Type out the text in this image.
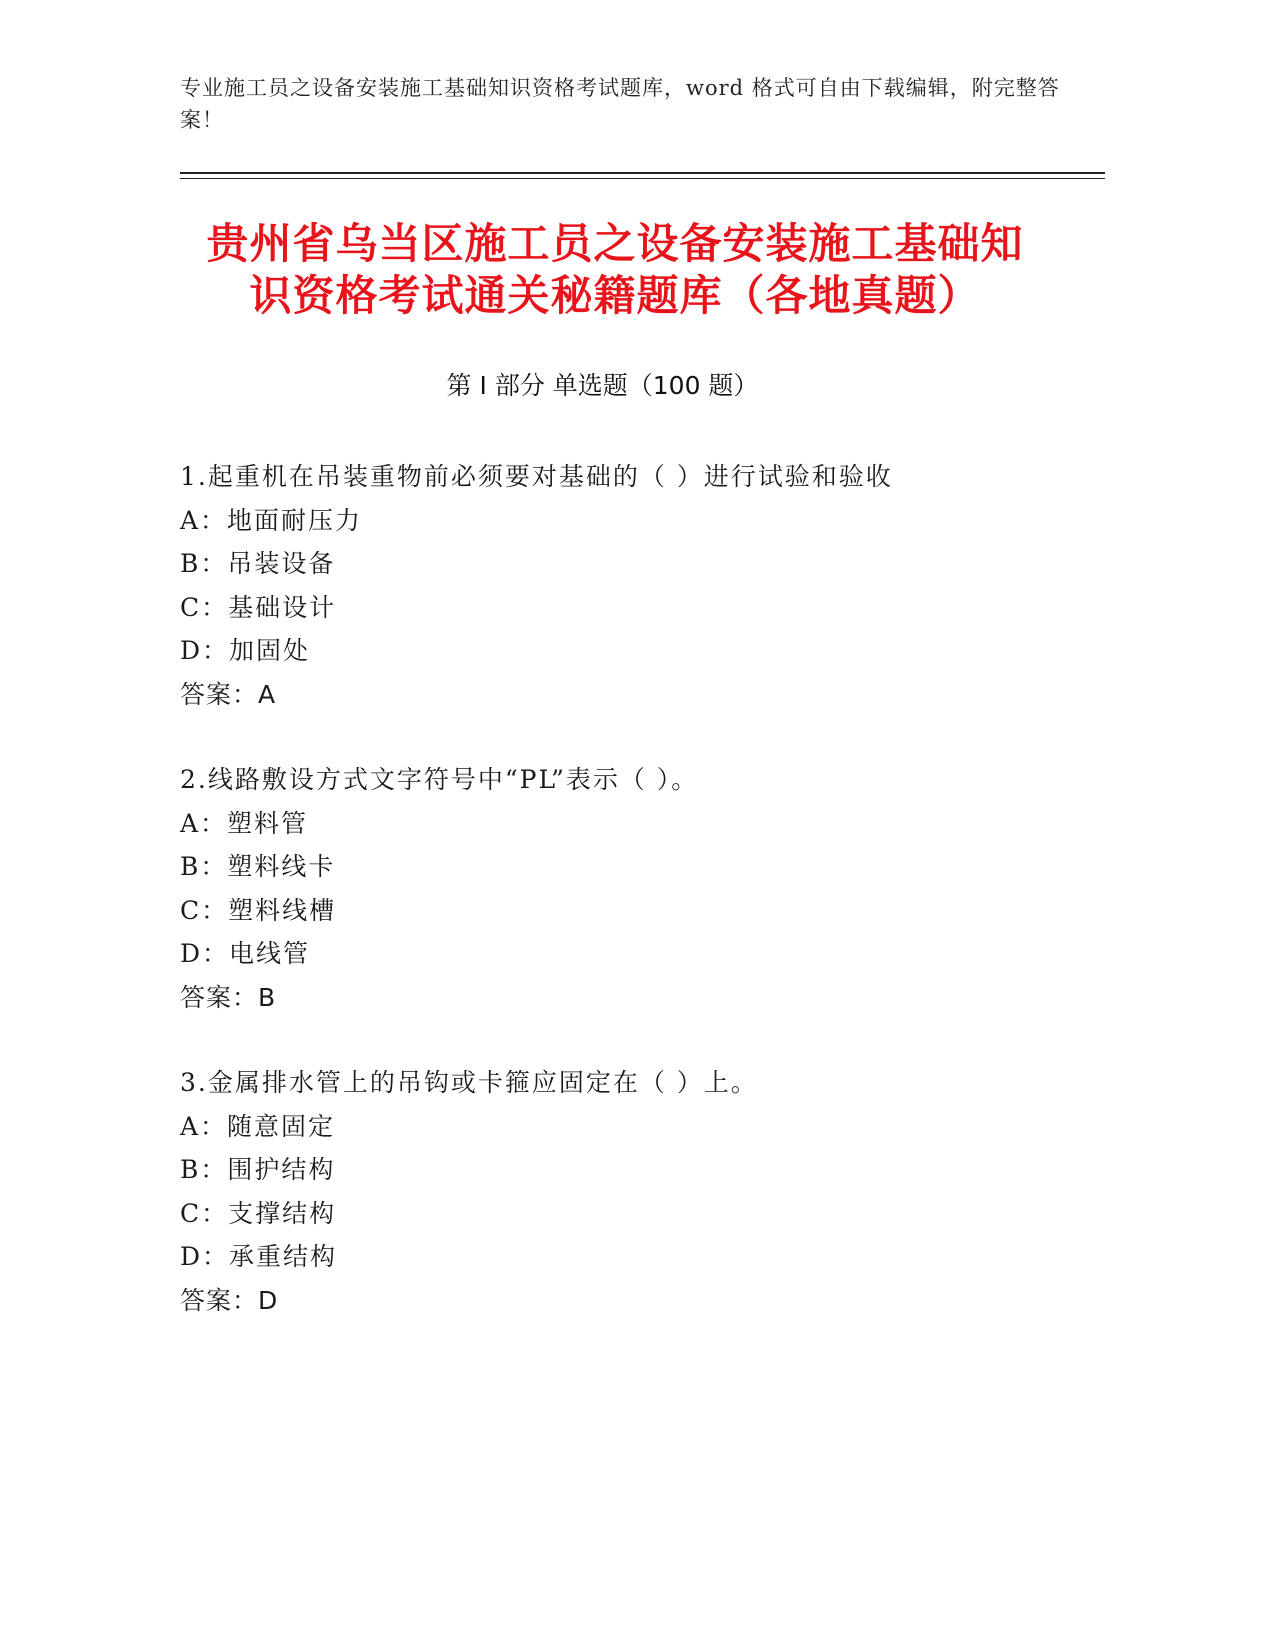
专业施工员之设备安装施工基础知识资格考试题库，word 格式可自由下载编辑，附完整答案！
贵州省乌当区施工员之设备安装施工基础知
识资格考试通关秘籍题库（各地真题）
第 I 部分 单选题（100 题）
1.起重机在吊装重物前必须要对基础的（ ）进行试验和验收
A：地面耐压力
B：吊装设备
C：基础设计
D：加固处
答案：A
2.线路敷设方式文字符号中“PL”表示（ ）。
A：塑料管
B：塑料线卡
C：塑料线槽
D：电线管
答案：B
3.金属排水管上的吊钩或卡箍应固定在（ ）上。
A：随意固定
B：围护结构
C：支撑结构
D：承重结构
答案：D
